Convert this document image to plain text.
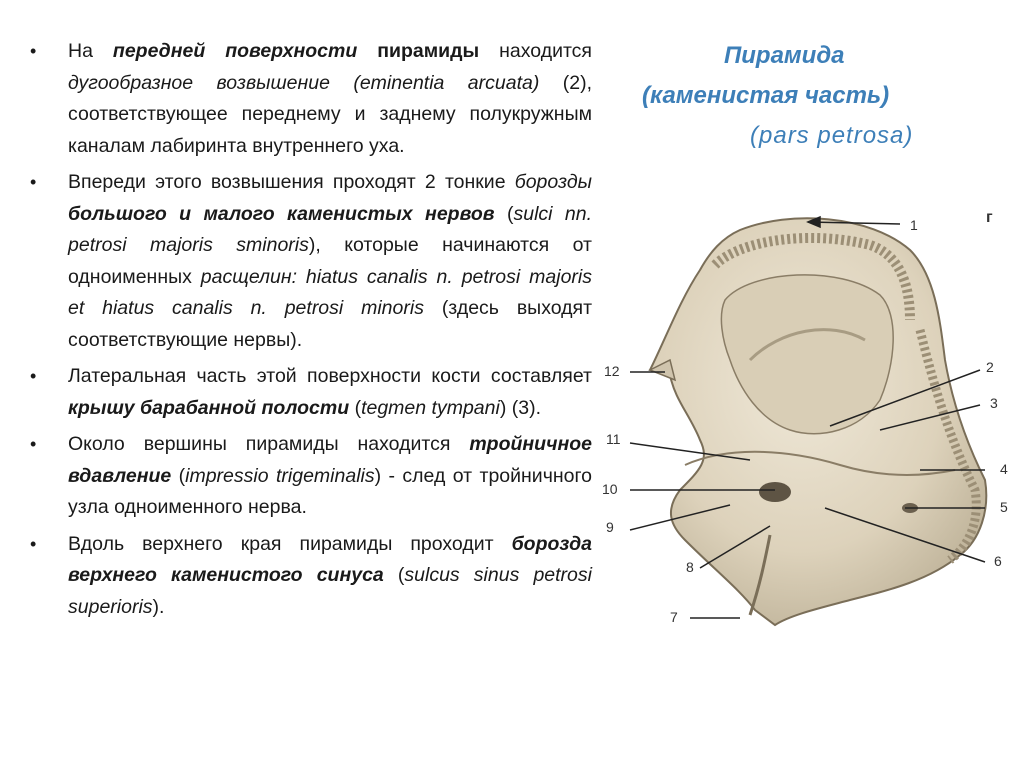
• На передней поверхности пирамиды находится дугообразное возвышение (eminentia arcuata) (2), соответствующее переднему и заднему полукружным каналам лабиринта внутреннего уха.
• Впереди этого возвышения проходят 2 тонкие борозды большого и малого каменистых нервов (sulci nn. petrosi majoris sminoris), которые начинаются от одноименных расщелин: hiatus canalis n. petrosi majoris et hiatus canalis n. petrosi minoris (здесь выходят соответствующие нервы).
• Латеральная часть этой поверхности кости составляет крышу барабанной полости (tegmen tympani) (3).
• Около вершины пирамиды находится тройничное вдавление (impressio trigeminalis) - след от тройничного узла одноименного нерва.
• Вдоль верхнего края пирамиды проходит борозда верхнего каменистого синуса (sulcus sinus petrosi superioris).
Пирамида
(каменистая часть)
(pars petrosa)
г
1
2
3
4
5
6
7
8
9
10
11
12
